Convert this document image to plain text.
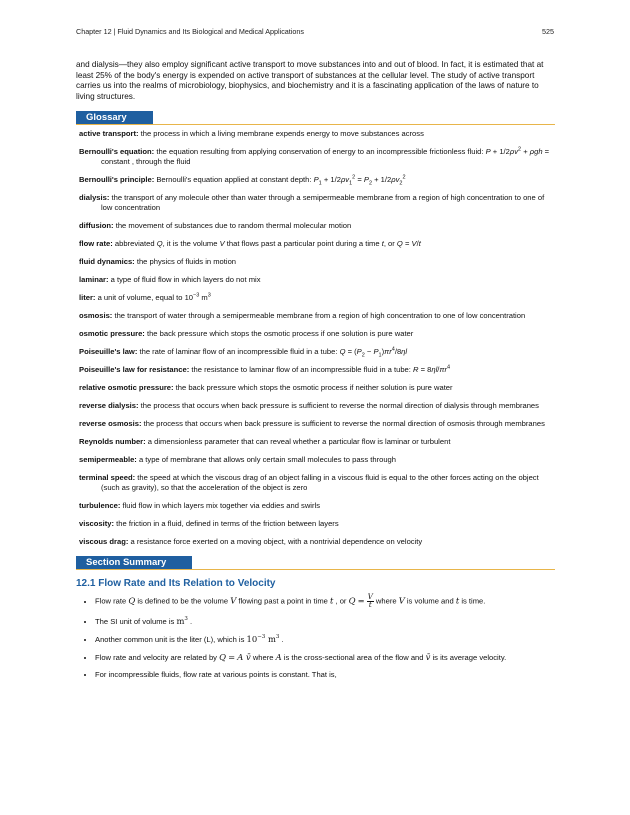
Chapter 12 | Fluid Dynamics and Its Biological and Medical Applications	525

and dialysis—they also employ significant active transport to move substances into and out of blood. In fact, it is estimated that at least 25% of the body's energy is expended on active transport of substances at the cellular level. The study of active transport carries us into the realms of microbiology, biophysics, and biochemistry and it is a fascinating application of the laws of nature to living structures.

Glossary
active transport: the process in which a living membrane expends energy to move substances across
Bernoulli's equation: the equation resulting from applying conservation of energy to an incompressible frictionless fluid: $P + 1/2\rho v^2 + \rho gh$ = constant , through the fluid
Bernoulli's principle: Bernoulli's equation applied at constant depth: $P_1 + 1/2\rho v_1^2 = P_2 + 1/2\rho v_2^2$
dialysis: the transport of any molecule other than water through a semipermeable membrane from a region of high concentration to one of low concentration
diffusion: the movement of substances due to random thermal molecular motion
flow rate: abbreviated Q, it is the volume V that flows past a particular point during a time t, or Q = V/t
fluid dynamics: the physics of fluids in motion
laminar: a type of fluid flow in which layers do not mix
liter: a unit of volume, equal to $10^{-3}$ $m^3$
osmosis: the transport of water through a semipermeable membrane from a region of high concentration to one of low concentration
osmotic pressure: the back pressure which stops the osmotic process if one solution is pure water
Poiseuille's law: the rate of laminar flow of an incompressible fluid in a tube: $Q = (P_2 - P_1)\pi r^4/8\eta l$
Poiseuille's law for resistance: the resistance to laminar flow of an incompressible fluid in a tube: $R = 8\eta l/\pi r^4$
relative osmotic pressure: the back pressure which stops the osmotic process if neither solution is pure water
reverse dialysis: the process that occurs when back pressure is sufficient to reverse the normal direction of dialysis through membranes
reverse osmosis: the process that occurs when back pressure is sufficient to reverse the normal direction of osmosis through membranes
Reynolds number: a dimensionless parameter that can reveal whether a particular flow is laminar or turbulent
semipermeable: a type of membrane that allows only certain small molecules to pass through
terminal speed: the speed at which the viscous drag of an object falling in a viscous fluid is equal to the other forces acting on the object (such as gravity), so that the acceleration of the object is zero
turbulence: fluid flow in which layers mix together via eddies and swirls
viscosity: the friction in a fluid, defined in terms of the friction between layers
viscous drag: a resistance force exerted on a moving object, with a nontrivial dependence on velocity
Section Summary
12.1 Flow Rate and Its Relation to Velocity
• Flow rate Q is defined to be the volume V flowing past a point in time t , or $Q = \frac{V}{t}$ where V is volume and t is time.
• The SI unit of volume is $m^3$ .
• Another common unit is the liter (L), which is $10^{-3}$ $m^3$ .
• Flow rate and velocity are related by Q = A v̄ where A is the cross-sectional area of the flow and v̄ is its average velocity.
• For incompressible fluids, flow rate at various points is constant. That is,
